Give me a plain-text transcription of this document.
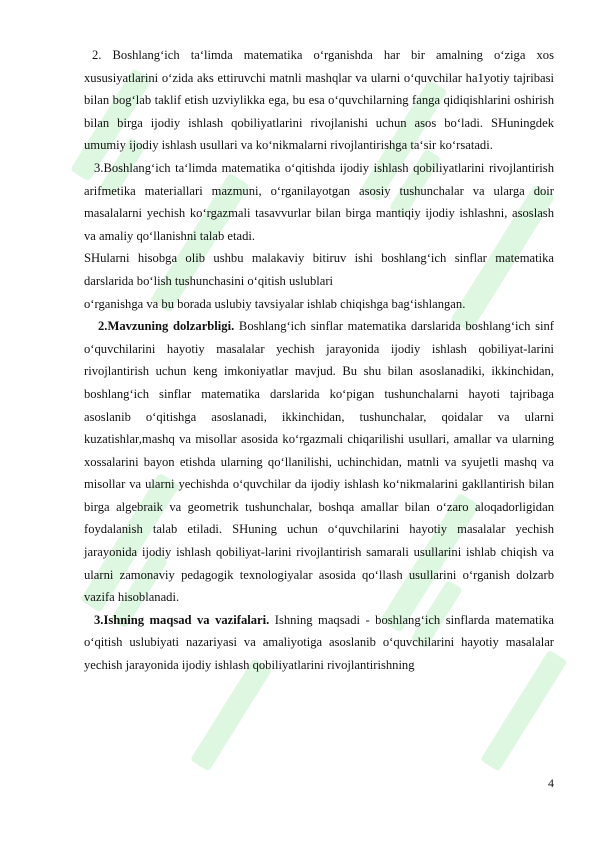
2. Boshlang‘ich ta‘limda matematika o‘rganishda har bir amalning o‘ziga xos xususiyatlarini o‘zida aks ettiruvchi matnli mashqlar va ularni o‘quvchilar ha1yotiy tajribasi bilan bog‘lab taklif etish uzviylikka ega, bu esa o‘quvchilarning fanga qidiqishlarini oshirish bilan birga ijodiy ishlash qobiliyatlarini rivojlanishi uchun asos bo‘ladi. SHuningdek umumiy ijodiy ishlash usullari va ko‘nikmalarni rivojlantirishga ta‘sir ko‘rsatadi.

3.Boshlang‘ich ta‘limda matematika o‘qitishda ijodiy ishlash qobiliyatlarini rivojlantirish arifmetika materiallari mazmuni, o‘rganilayotgan asosiy tushunchalar va ularga doir masalalarni yechish ko‘rgazmali tasavvurlar bilan birga mantiqiy ijodiy ishlashni, asoslash va amaliy qo‘llanishni talab etadi.

SHularni hisobga olib ushbu malakaviy bitiruv ishi boshlang‘ich sinflar matematika darslarida bo‘lish tushunchasini o‘qitish uslublari

o‘rganishga va bu borada uslubiy tavsiyalar ishlab chiqishga bag‘ishlangan.

2.Mavzuning dolzarbligi. Boshlang‘ich sinflar matematika darslarida boshlang‘ich sinf o‘quvchilarini hayotiy masalalar yechish jarayonida ijodiy ishlash qobiliyat-larini rivojlantirish uchun keng imkoniyatlar mavjud. Bu shu bilan asoslanadiki, ikkinchidan, boshlang‘ich sinflar matematika darslarida ko‘pigan tushunchalarni hayoti tajribaga asoslanib o‘qitishga asoslanadi, ikkinchidan, tushunchalar, qoidalar va ularni kuzatishlar,mashq va misollar asosida ko‘rgazmali chiqarilishi usullari, amallar va ularning xossalarini bayon etishda ularning qo‘llanilishi, uchinchidan, matnli va syujetli mashq va misollar va ularni yechishda o‘quvchilar da ijodiy ishlash ko‘nikmalarini gakllantirish bilan birga algebraik va geometrik tushunchalar, boshqa amallar bilan o‘zaro aloqadorligidan foydalanish talab etiladi. SHuning uchun o‘quvchilarini hayotiy masalalar yechish jarayonida ijodiy ishlash qobiliyat-larini rivojlantirish samarali usullarini ishlab chiqish va ularni zamonaviy pedagogik texnologiyalar asosida qo‘llash usullarini o‘rganish dolzarb vazifa hisoblanadi.

3.Ishning maqsad va vazifalari. Ishning maqsadi - boshlang‘ich sinflarda matematika o‘qitish uslubiyati nazariyasi va amaliyotiga asoslanib o‘quvchilarini hayotiy masalalar yechish jarayonida ijodiy ishlash qobiliyatlarini rivojlantirishning

4
